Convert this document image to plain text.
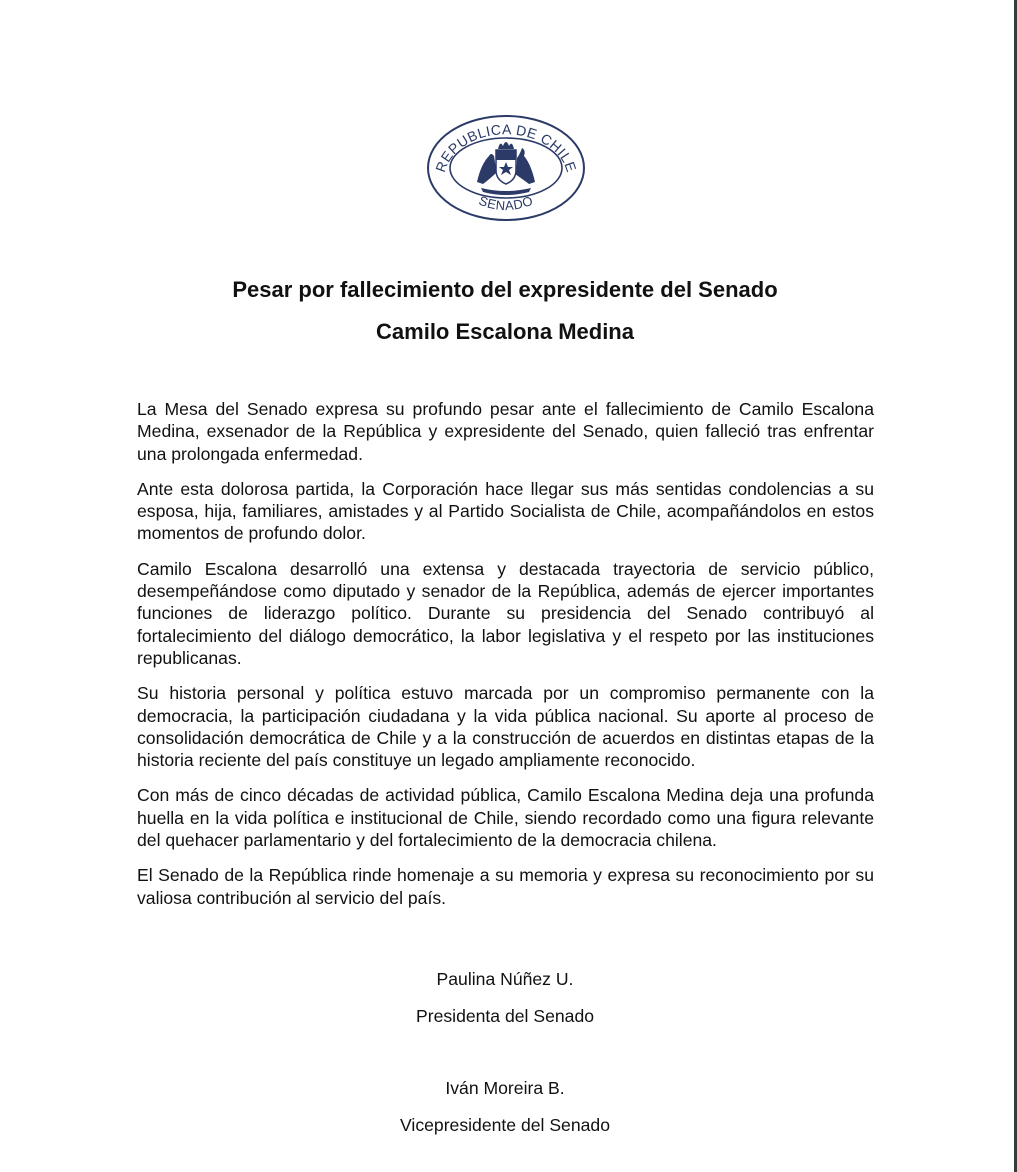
REPUBLICA DE CHILE
SENADO
Pesar por fallecimiento del expresidente del Senado
Camilo Escalona Medina

La Mesa del Senado expresa su profundo pesar ante el fallecimiento de Camilo Escalona Medina, exsenador de la República y expresidente del Senado, quien falleció tras enfrentar una prolongada enfermedad.

Ante esta dolorosa partida, la Corporación hace llegar sus más sentidas condolencias a su esposa, hija, familiares, amistades y al Partido Socialista de Chile, acompañándolos en estos momentos de profundo dolor.

Camilo Escalona desarrolló una extensa y destacada trayectoria de servicio público, desempeñándose como diputado y senador de la República, además de ejercer importantes funciones de liderazgo político. Durante su presidencia del Senado contribuyó al fortalecimiento del diálogo democrático, la labor legislativa y el respeto por las instituciones republicanas.

Su historia personal y política estuvo marcada por un compromiso permanente con la democracia, la participación ciudadana y la vida pública nacional. Su aporte al proceso de consolidación democrática de Chile y a la construcción de acuerdos en distintas etapas de la historia reciente del país constituye un legado ampliamente reconocido.

Con más de cinco décadas de actividad pública, Camilo Escalona Medina deja una profunda huella en la vida política e institucional de Chile, siendo recordado como una figura relevante del quehacer parlamentario y del fortalecimiento de la democracia chilena.

El Senado de la República rinde homenaje a su memoria y expresa su reconocimiento por su valiosa contribución al servicio del país.

Paulina Núñez U.
Presidenta del Senado
Iván Moreira B.
Vicepresidente del Senado
